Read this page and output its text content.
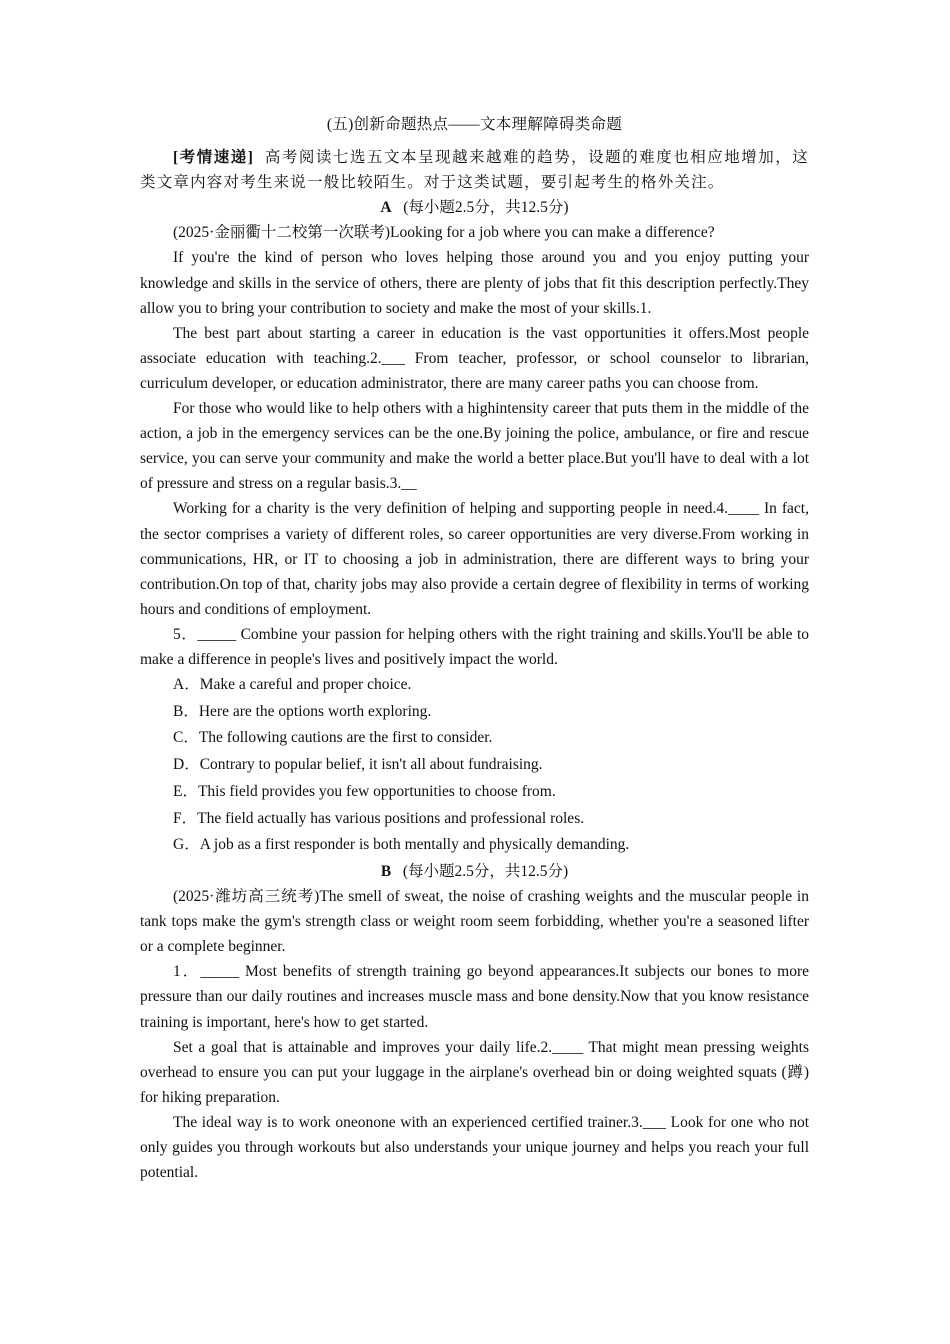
(五)创新命题热点——文本理解障碍类命题

[考情速递] 高考阅读七选五文本呈现越来越难的趋势，设题的难度也相应地增加，这类文章内容对考生来说一般比较陌生。对于这类试题，要引起考生的格外关注。

A (每小题2.5分，共12.5分)

(2025·金丽衢十二校第一次联考)Looking for a job where you can make a difference?

If you're the kind of person who loves helping those around you and you enjoy putting your knowledge and skills in the service of others, there are plenty of jobs that fit this description perfectly.They allow you to bring your contribution to society and make the most of your skills.1.

The best part about starting a career in education is the vast opportunities it offers.Most people associate education with teaching.2.___ From teacher, professor, or school counselor to librarian, curriculum developer, or education administrator, there are many career paths you can choose from.

For those who would like to help others with a highintensity career that puts them in the middle of the action, a job in the emergency services can be the one.By joining the police, ambulance, or fire and rescue service, you can serve your community and make the world a better place.But you'll have to deal with a lot of pressure and stress on a regular basis.3.__

Working for a charity is the very definition of helping and supporting people in need.4.____ In fact, the sector comprises a variety of different roles, so career opportunities are very diverse.From working in communications, HR, or IT to choosing a job in administration, there are different ways to bring your contribution.On top of that, charity jobs may also provide a certain degree of flexibility in terms of working hours and conditions of employment.

5．_____ Combine your passion for helping others with the right training and skills.You'll be able to make a difference in people's lives and positively impact the world.

A．Make a careful and proper choice.
B．Here are the options worth exploring.
C．The following cautions are the first to consider.
D．Contrary to popular belief, it isn't all about fundraising.
E．This field provides you few opportunities to choose from.
F．The field actually has various positions and professional roles.
G．A job as a first responder is both mentally and physically demanding.

B (每小题2.5分，共12.5分)

(2025·潍坊高三统考)The smell of sweat, the noise of crashing weights and the muscular people in tank tops make the gym's strength class or weight room seem forbidding, whether you're a seasoned lifter or a complete beginner.

1．_____ Most benefits of strength training go beyond appearances.It subjects our bones to more pressure than our daily routines and increases muscle mass and bone density.Now that you know resistance training is important, here's how to get started.

Set a goal that is attainable and improves your daily life.2.____ That might mean pressing weights overhead to ensure you can put your luggage in the airplane's overhead bin or doing weighted squats (蹲) for hiking preparation.

The ideal way is to work oneonone with an experienced certified trainer.3.___ Look for one who not only guides you through workouts but also understands your unique journey and helps you reach your full potential.
